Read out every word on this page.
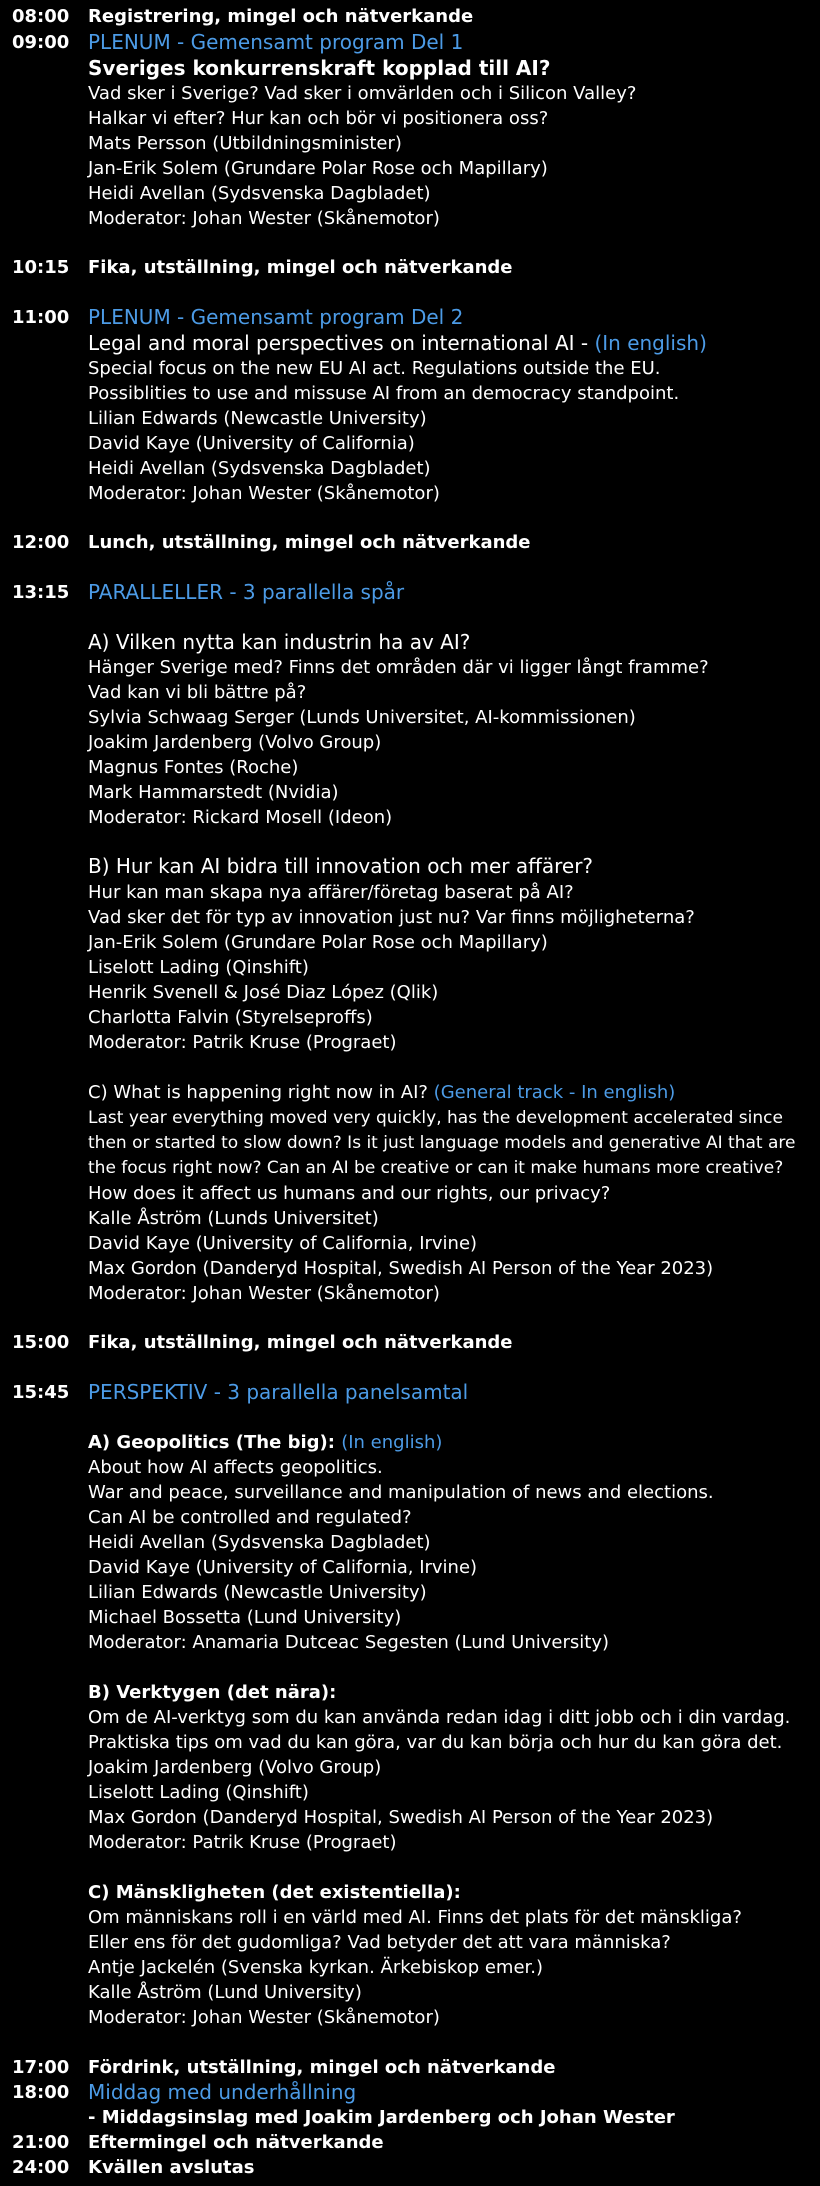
08:00 Registrering, mingel och nätverkande
09:00 PLENUM - Gemensamt program Del 1
Sveriges konkurrenskraft kopplad till AI?
Vad sker i Sverige? Vad sker i omvärlden och i Silicon Valley?
Halkar vi efter? Hur kan och bör vi positionera oss?
Mats Persson (Utbildningsminister)
Jan-Erik Solem (Grundare Polar Rose och Mapillary)
Heidi Avellan (Sydsvenska Dagbladet)
Moderator: Johan Wester (Skånemotor)
10:15 Fika, utställning, mingel och nätverkande
11:00 PLENUM - Gemensamt program Del 2
Legal and moral perspectives on international AI - (In english)
Special focus on the new EU AI act. Regulations outside the EU.
Possiblities to use and missuse AI from an democracy standpoint.
Lilian Edwards (Newcastle University)
David Kaye (University of California)
Heidi Avellan (Sydsvenska Dagbladet)
Moderator: Johan Wester (Skånemotor)
12:00 Lunch, utställning, mingel och nätverkande
13:15 PARALLELLER - 3 parallella spår
A) Vilken nytta kan industrin ha av AI?
Hänger Sverige med? Finns det områden där vi ligger långt framme?
Vad kan vi bli bättre på?
Sylvia Schwaag Serger (Lunds Universitet, AI-kommissionen)
Joakim Jardenberg (Volvo Group)
Magnus Fontes (Roche)
Mark Hammarstedt (Nvidia)
Moderator: Rickard Mosell (Ideon)
B) Hur kan AI bidra till innovation och mer affärer?
Hur kan man skapa nya affärer/företag baserat på AI?
Vad sker det för typ av innovation just nu? Var finns möjligheterna?
Jan-Erik Solem (Grundare Polar Rose och Mapillary)
Liselott Lading (Qinshift)
Henrik Svenell & José Diaz López (Qlik)
Charlotta Falvin (Styrelseproffs)
Moderator: Patrik Kruse (Prograet)
C) What is happening right now in AI? (General track - In english)
Last year everything moved very quickly, has the development accelerated since
then or started to slow down? Is it just language models and generative AI that are
the focus right now? Can an AI be creative or can it make humans more creative?
How does it affect us humans and our rights, our privacy?
Kalle Åström (Lunds Universitet)
David Kaye (University of California, Irvine)
Max Gordon (Danderyd Hospital, Swedish AI Person of the Year 2023)
Moderator: Johan Wester (Skånemotor)
15:00 Fika, utställning, mingel och nätverkande
15:45 PERSPEKTIV - 3 parallella panelsamtal
A) Geopolitics (The big): (In english)
About how AI affects geopolitics.
War and peace, surveillance and manipulation of news and elections.
Can AI be controlled and regulated?
Heidi Avellan (Sydsvenska Dagbladet)
David Kaye (University of California, Irvine)
Lilian Edwards (Newcastle University)
Michael Bossetta (Lund University)
Moderator: Anamaria Dutceac Segesten (Lund University)
B) Verktygen (det nära):
Om de AI-verktyg som du kan använda redan idag i ditt jobb och i din vardag.
Praktiska tips om vad du kan göra, var du kan börja och hur du kan göra det.
Joakim Jardenberg (Volvo Group)
Liselott Lading (Qinshift)
Max Gordon (Danderyd Hospital, Swedish AI Person of the Year 2023)
Moderator: Patrik Kruse (Prograet)
C) Mänskligheten (det existentiella):
Om människans roll i en värld med AI. Finns det plats för det mänskliga?
Eller ens för det gudomliga? Vad betyder det att vara människa?
Antje Jackelén (Svenska kyrkan. Ärkebiskop emer.)
Kalle Åström (Lund University)
Moderator: Johan Wester (Skånemotor)
17:00 Fördrink, utställning, mingel och nätverkande
18:00 Middag med underhållning
- Middagsinslag med Joakim Jardenberg och Johan Wester
21:00 Eftermingel och nätverkande
24:00 Kvällen avslutas
